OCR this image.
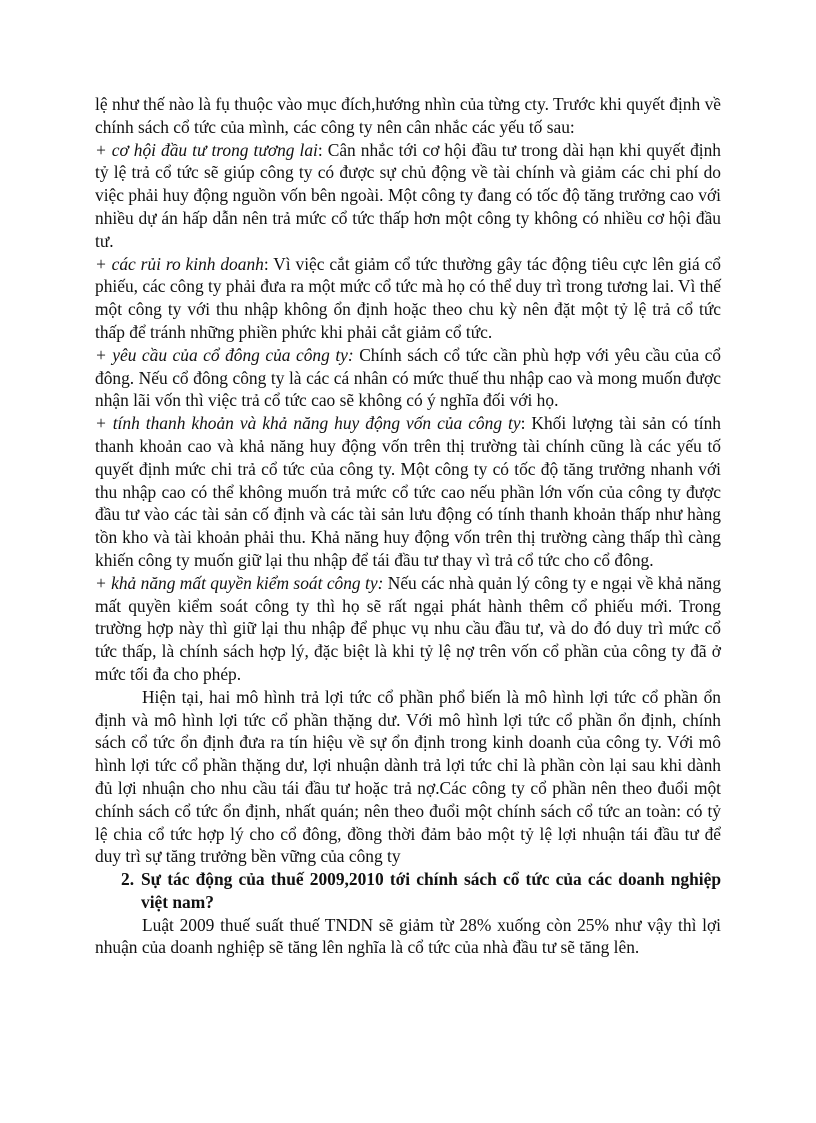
lệ như thế nào là fụ thuộc vào mục đích,hướng nhìn của từng cty. Trước khi quyết định về chính sách cổ tức của mình, các công ty nên cân nhắc các yếu tố sau:

+ cơ hội đầu tư trong tương lai: Cân nhắc tới cơ hội đầu tư trong dài hạn khi quyết định tỷ lệ trả cổ tức sẽ giúp công ty có được sự chủ động về tài chính và giảm các chi phí do việc phải huy động nguồn vốn bên ngoài. Một công ty đang có tốc độ tăng trưởng cao với nhiều dự án hấp dẫn nên trả mức cổ tức thấp hơn một công ty không có nhiều cơ hội đầu tư.

+ các rủi ro kinh doanh: Vì việc cắt giảm cổ tức thường gây tác động tiêu cực lên giá cổ phiếu, các công ty phải đưa ra một mức cổ tức mà họ có thể duy trì trong tương lai. Vì thế một công ty với thu nhập không ổn định hoặc theo chu kỳ nên đặt một tỷ lệ trả cổ tức thấp để tránh những phiền phức khi phải cắt giảm cổ tức.

+ yêu cầu của cổ đông của công ty: Chính sách cổ tức cần phù hợp với yêu cầu của cổ đông. Nếu cổ đông công ty là các cá nhân có mức thuế thu nhập cao và mong muốn được nhận lãi vốn thì việc trả cổ tức cao sẽ không có ý nghĩa đối với họ.

+ tính thanh khoản và khả năng huy động vốn của công ty: Khối lượng tài sản có tính thanh khoản cao và khả năng huy động vốn trên thị trường tài chính cũng là các yếu tố quyết định mức chi trả cổ tức của công ty. Một công ty có tốc độ tăng trưởng nhanh với thu nhập cao có thể không muốn trả mức cổ tức cao nếu phần lớn vốn của công ty được đầu tư vào các tài sản cố định và các tài sản lưu động có tính thanh khoản thấp như hàng tồn kho và tài khoản phải thu. Khả năng huy động vốn trên thị trường càng thấp thì càng khiến công ty muốn giữ lại thu nhập để tái đầu tư thay vì trả cổ tức cho cổ đông.

+ khả năng mất quyền kiểm soát công ty: Nếu các nhà quản lý công ty e ngại về khả năng mất quyền kiểm soát công ty thì họ sẽ rất ngại phát hành thêm cổ phiếu mới. Trong trường hợp này thì giữ lại thu nhập để phục vụ nhu cầu đầu tư, và do đó duy trì mức cổ tức thấp, là chính sách hợp lý, đặc biệt là khi tỷ lệ nợ trên vốn cổ phần của công ty đã ở mức tối đa cho phép.

Hiện tại, hai mô hình trả lợi tức cổ phần phổ biến là mô hình lợi tức cổ phần ổn định và mô hình lợi tức cổ phần thặng dư. Với mô hình lợi tức cổ phần ổn định, chính sách cổ tức ổn định đưa ra tín hiệu về sự ổn định trong kinh doanh của công ty. Với mô hình lợi tức cổ phần thặng dư, lợi nhuận dành trả lợi tức chỉ là phần còn lại sau khi dành đủ lợi nhuận cho nhu cầu tái đầu tư hoặc trả nợ.Các công ty cổ phần nên theo đuổi một chính sách cổ tức ổn định, nhất quán; nên theo đuổi một chính sách cổ tức an toàn: có tỷ lệ chia cổ tức hợp lý cho cổ đông, đồng thời đảm bảo một tỷ lệ lợi nhuận tái đầu tư để duy trì sự tăng trưởng bền vững của công ty

2. Sự tác động của thuế 2009,2010 tới chính sách cổ tức của các doanh nghiệp việt nam?

Luật 2009 thuế suất thuế TNDN sẽ giảm từ 28% xuống còn 25% như vậy thì lợi nhuận của doanh nghiệp sẽ tăng lên nghĩa là cổ tức của nhà đầu tư sẽ tăng lên.
